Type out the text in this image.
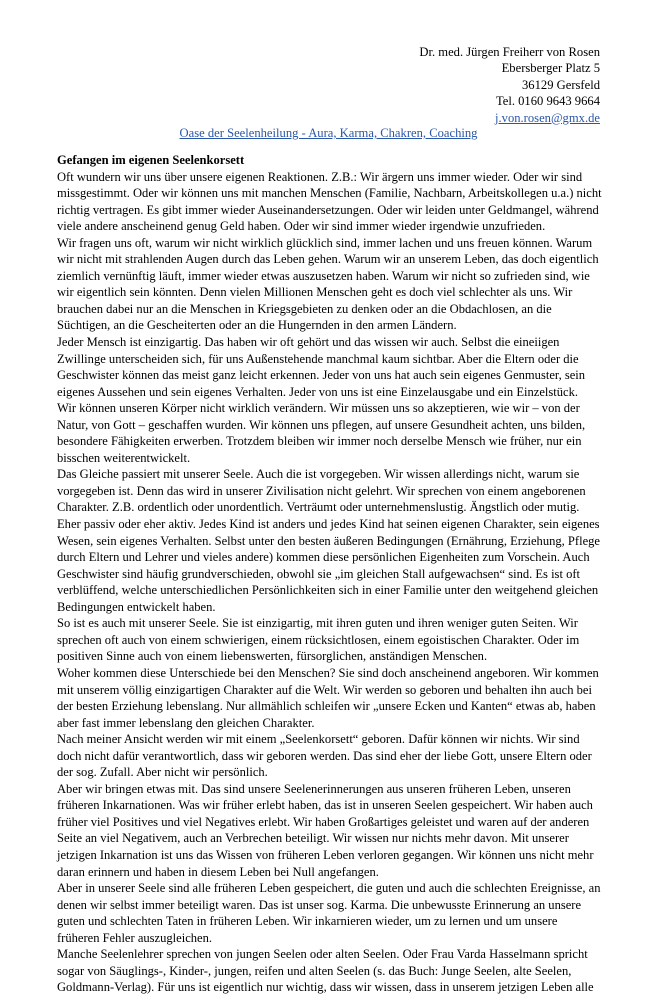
Dr. med. Jürgen Freiherr von Rosen
Ebersberger Platz 5
36129 Gersfeld
Tel. 0160 9643 9664
j.von.rosen@gmx.de
Oase der Seelenheilung - Aura, Karma, Chakren, Coaching
Gefangen im eigenen Seelenkorsett

Oft wundern wir uns über unsere eigenen Reaktionen. Z.B.: Wir ärgern uns immer wieder. Oder wir sind missgestimmt. Oder wir können uns mit manchen Menschen (Familie, Nachbarn, Arbeitskollegen u.a.) nicht richtig vertragen. Es gibt immer wieder Auseinandersetzungen. Oder wir leiden unter Geldmangel, während viele andere anscheinend genug Geld haben. Oder wir sind immer wieder irgendwie unzufrieden.

Wir fragen uns oft, warum wir nicht wirklich glücklich sind, immer lachen und uns freuen können. Warum wir nicht mit strahlenden Augen durch das Leben gehen. Warum wir an unserem Leben, das doch eigentlich ziemlich vernünftig läuft, immer wieder etwas auszusetzen haben. Warum wir nicht so zufrieden sind, wie wir eigentlich sein könnten. Denn vielen Millionen Menschen geht es doch viel schlechter als uns. Wir brauchen dabei nur an die Menschen in Kriegsgebieten zu denken oder an die Obdachlosen, an die Süchtigen, an die Gescheiterten oder an die Hungernden in den armen Ländern.

Jeder Mensch ist einzigartig. Das haben wir oft gehört und das wissen wir auch. Selbst die eineiigen Zwillinge unterscheiden sich, für uns Außenstehende manchmal kaum sichtbar. Aber die Eltern oder die Geschwister können das meist ganz leicht erkennen. Jeder von uns hat auch sein eigenes Genmuster, sein eigenes Aussehen und sein eigenes Verhalten. Jeder von uns ist eine Einzelausgabe und ein Einzelstück.

Wir können unseren Körper nicht wirklich verändern. Wir müssen uns so akzeptieren, wie wir – von der Natur, von Gott – geschaffen wurden. Wir können uns pflegen, auf unsere Gesundheit achten, uns bilden, besondere Fähigkeiten erwerben. Trotzdem bleiben wir immer noch derselbe Mensch wie früher, nur ein bisschen weiterentwickelt.

Das Gleiche passiert mit unserer Seele. Auch die ist vorgegeben. Wir wissen allerdings nicht, warum sie vorgegeben ist. Denn das wird in unserer Zivilisation nicht gelehrt. Wir sprechen von einem angeborenen Charakter. Z.B. ordentlich oder unordentlich. Verträumt oder unternehmenslustig. Ängstlich oder mutig. Eher passiv oder eher aktiv. Jedes Kind ist anders und jedes Kind hat seinen eigenen Charakter, sein eigenes Wesen, sein eigenes Verhalten. Selbst unter den besten äußeren Bedingungen (Ernährung, Erziehung, Pflege durch Eltern und Lehrer und vieles andere) kommen diese persönlichen Eigenheiten zum Vorschein. Auch Geschwister sind häufig grundverschieden, obwohl sie „im gleichen Stall aufgewachsen“ sind. Es ist oft verblüffend, welche unterschiedlichen Persönlichkeiten sich in einer Familie unter den weitgehend gleichen Bedingungen entwickelt haben.

So ist es auch mit unserer Seele. Sie ist einzigartig, mit ihren guten und ihren weniger guten Seiten. Wir sprechen oft auch von einem schwierigen, einem rücksichtlosen, einem egoistischen Charakter. Oder im positiven Sinne auch von einem liebenswerten, fürsorglichen, anständigen Menschen.

Woher kommen diese Unterschiede bei den Menschen? Sie sind doch anscheinend angeboren. Wir kommen mit unserem völlig einzigartigen Charakter auf die Welt. Wir werden so geboren und behalten ihn auch bei der besten Erziehung lebenslang. Nur allmählich schleifen wir „unsere Ecken und Kanten“ etwas ab, haben aber fast immer lebenslang den gleichen Charakter.

Nach meiner Ansicht werden wir mit einem „Seelenkorsett“ geboren. Dafür können wir nichts. Wir sind doch nicht dafür verantwortlich, dass wir geboren werden. Das sind eher der liebe Gott, unsere Eltern oder der sog. Zufall. Aber nicht wir persönlich.

Aber wir bringen etwas mit. Das sind unsere Seelenerinnerungen aus unseren früheren Leben, unseren früheren Inkarnationen. Was wir früher erlebt haben, das ist in unseren Seelen gespeichert. Wir haben auch früher viel Positives und viel Negatives erlebt. Wir haben Großartiges geleistet und waren auf der anderen Seite an viel Negativem, auch an Verbrechen beteiligt. Wir wissen nur nichts mehr davon. Mit unserer jetzigen Inkarnation ist uns das Wissen von früheren Leben verloren gegangen. Wir können uns nicht mehr daran erinnern und haben in diesem Leben bei Null angefangen.

Aber in unserer Seele sind alle früheren Leben gespeichert, die guten und auch die schlechten Ereignisse, an denen wir selbst immer beteiligt waren. Das ist unser sog. Karma. Die unbewusste Erinnerung an unsere guten und schlechten Taten in früheren Leben. Wir inkarnieren wieder, um zu lernen und um unsere früheren Fehler auszugleichen.

Manche Seelenlehrer sprechen von jungen Seelen oder alten Seelen. Oder Frau Varda Hasselmann spricht sogar von Säuglings-, Kinder-, jungen, reifen und alten Seelen (s. das Buch: Junge Seelen, alte Seelen, Goldmann-Verlag). Für uns ist eigentlich nur wichtig, dass wir wissen, dass in unserem jetzigen Leben alle
